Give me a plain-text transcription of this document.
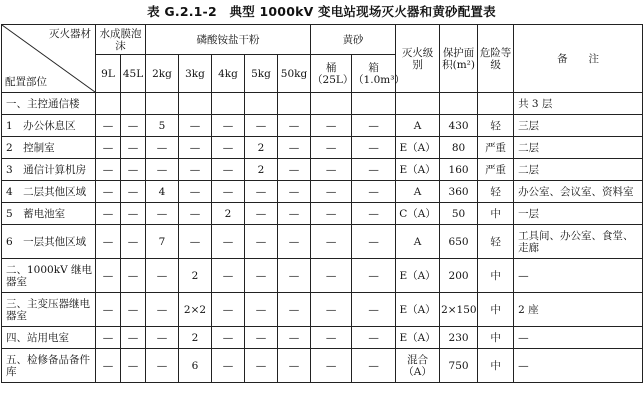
表 G.2.1-2　典型 1000kV 变电站现场灭火器和黄砂配置表
灭火器材
配置部位	水成膜泡沫		磷酸铵盐干粉					黄砂		灭火级别	保护面积(m²)	危险等级	备　　注
	9L	45L	2kg	3kg	4kg	5kg	50kg	桶（25L）	箱（1.0m³）				
一、主控通信楼													共 3 层
1　办公休息区	—	—	5	—	—	—	—	—	—	A	430	轻	三层
2　控制室	—	—	—	—	—	2	—	—	—	E（A）	80	严重	二层
3　通信计算机房	—	—	—	—	—	2	—	—	—	E（A）	160	严重	二层
4　二层其他区域	—	—	4	—	—	—	—	—	—	A	360	轻	办公室、会议室、资料室
5　蓄电池室	—	—	—	—	2	—	—	—	—	C（A）	50	中	一层
6　一层其他区域	—	—	7	—	—	—	—	—	—	A	650	轻	工具间、办公室、食堂、走廊
二、1000kV 继电器室	—	—	—	2	—	—	—	—	—	E（A）	200	中	—
三、主变压器继电器室	—	—	—	2×2	—	—	—	—	—	E（A）	2×150	中	2 座
四、站用电室	—	—	—	2	—	—	—	—	—	E（A）	230	中	—
五、检修备品备件库	—	—	—	6	—	—	—	—	—	混合（A）	750	中	—
